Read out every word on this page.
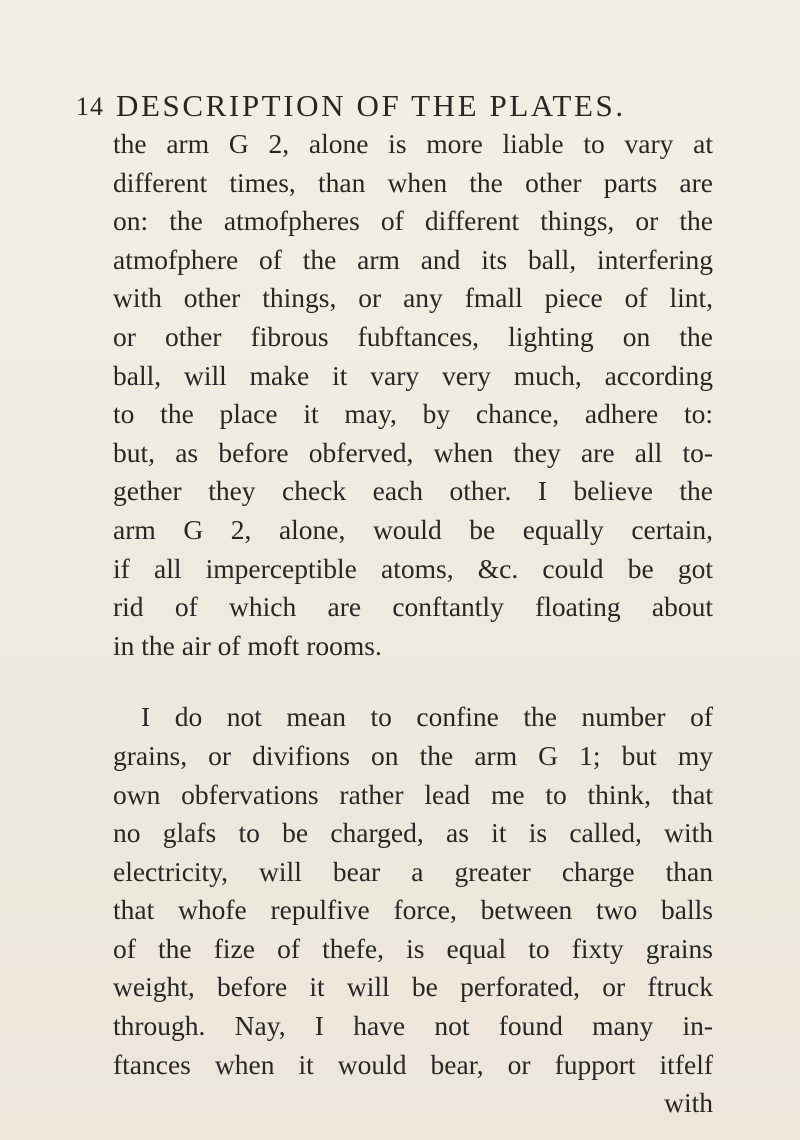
14 DESCRIPTION OF THE PLATES.
the arm G 2, alone is more liable to vary at
different times, than when the other parts are
on: the atmofpheres of different things, or the
atmofphere of the arm and its ball, interfering
with other things, or any fmall piece of lint,
or other fibrous fubftances, lighting on the
ball, will make it vary very much, according
to the place it may, by chance, adhere to:
but, as before obferved, when they are all to-
gether they check each other. I believe the
arm G 2, alone, would be equally certain,
if all imperceptible atoms, &c. could be got
rid of which are conftantly floating about
in the air of moft rooms.
I do not mean to confine the number of
grains, or divifions on the arm G 1; but my
own obfervations rather lead me to think, that
no glafs to be charged, as it is called, with
electricity, will bear a greater charge than
that whofe repulfive force, between two balls
of the fize of thefe, is equal to fixty grains
weight, before it will be perforated, or ftruck
through. Nay, I have not found many in-
ftances when it would bear, or fupport itfelf
with
